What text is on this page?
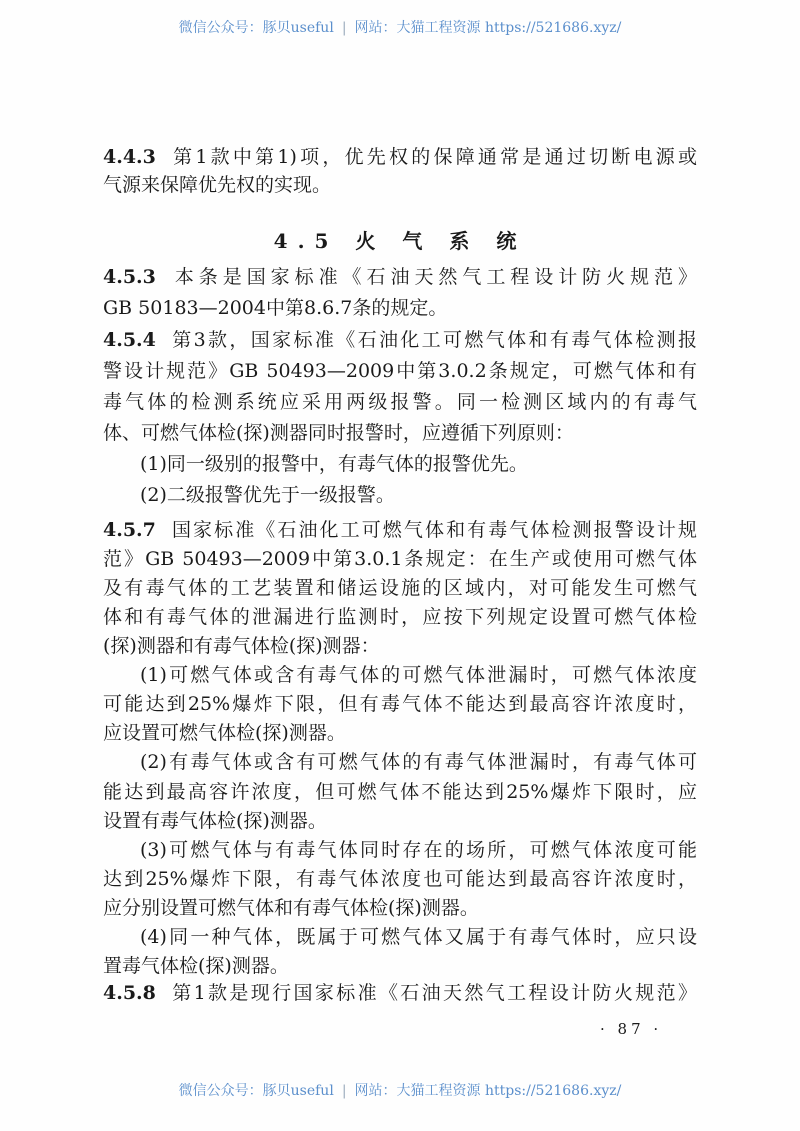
微信公众号：豚贝useful | 网站：大猫工程资源 https://521686.xyz/
4.4.3 第1款中第1)项，优先权的保障通常是通过切断电源或
气源来保障优先权的实现。
4.5.3 本条是国家标准《石油天然气工程设计防火规范》
GB 50183—2004中第8.6.7条的规定。
4.5.4 第3款，国家标准《石油化工可燃气体和有毒气体检测报
警设计规范》GB 50493—2009中第3.0.2条规定，可燃气体和有
毒气体的检测系统应采用两级报警。同一检测区域内的有毒气
体、可燃气体检(探)测器同时报警时，应遵循下列原则：
(1)同一级别的报警中，有毒气体的报警优先。
(2)二级报警优先于一级报警。
4.5.7 国家标准《石油化工可燃气体和有毒气体检测报警设计规
范》GB 50493—2009中第3.0.1条规定：在生产或使用可燃气体
及有毒气体的工艺装置和储运设施的区域内，对可能发生可燃气
体和有毒气体的泄漏进行监测时，应按下列规定设置可燃气体检
(探)测器和有毒气体检(探)测器：
(1)可燃气体或含有毒气体的可燃气体泄漏时，可燃气体浓度
可能达到25%爆炸下限，但有毒气体不能达到最高容许浓度时，
应设置可燃气体检(探)测器。
(2)有毒气体或含有可燃气体的有毒气体泄漏时，有毒气体可
能达到最高容许浓度，但可燃气体不能达到25%爆炸下限时，应
设置有毒气体检(探)测器。
(3)可燃气体与有毒气体同时存在的场所，可燃气体浓度可能
达到25%爆炸下限，有毒气体浓度也可能达到最高容许浓度时，
应分别设置可燃气体和有毒气体检(探)测器。
(4)同一种气体，既属于可燃气体又属于有毒气体时，应只设
置毒气体检(探)测器。
4.5.8 第1款是现行国家标准《石油天然气工程设计防火规范》
4.5 火 气 系 统
· 87 ·
微信公众号：豚贝useful | 网站：大猫工程资源 https://521686.xyz/
